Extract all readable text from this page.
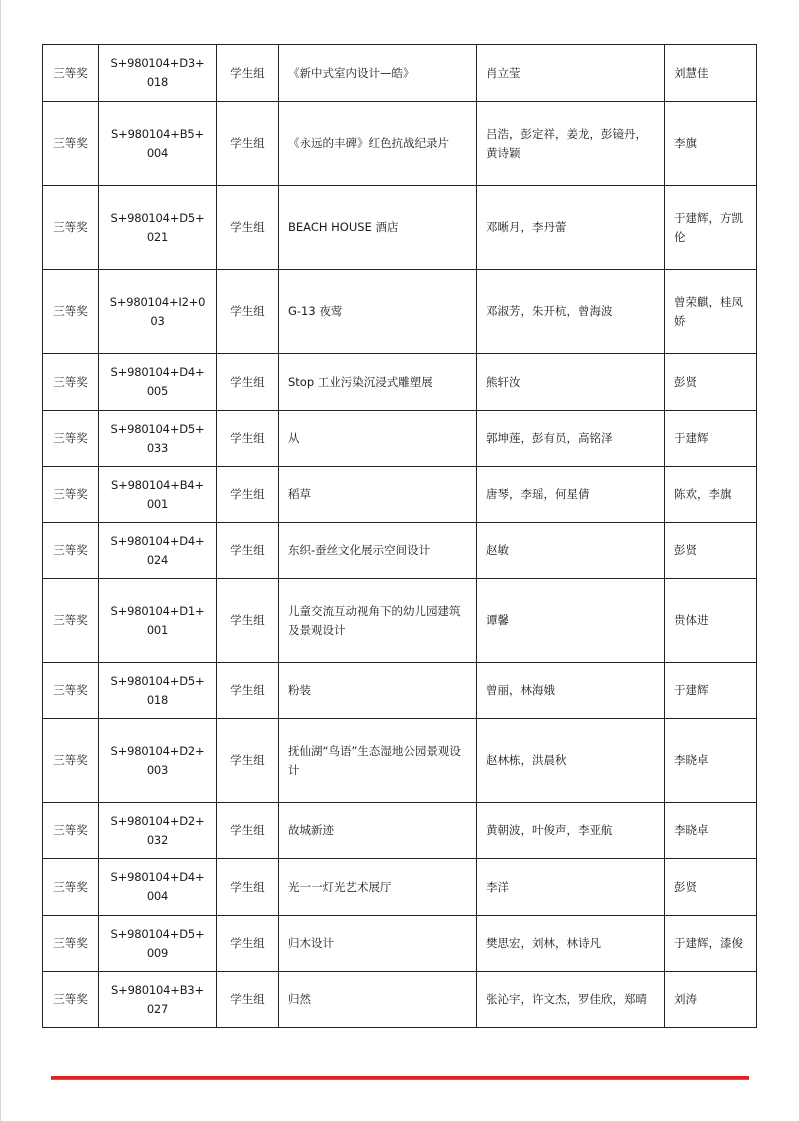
三等奖	S+980104+D3+018	学生组	《新中式室内设计—皓》	肖立莹	刘慧佳
三等奖	S+980104+B5+004	学生组	《永远的丰碑》红色抗战纪录片	吕浩，彭定祥，姜龙，彭镜丹，黄诗颖	李旗
三等奖	S+980104+D5+021	学生组	BEACH HOUSE 酒店	邓晰月，李丹蕾	于建辉，方凯伦
三等奖	S+980104+I2+003	学生组	G-13 夜莺	邓淑芳，朱开杭，曾海波	曾荣麒，桂凤娇
三等奖	S+980104+D4+005	学生组	Stop 工业污染沉浸式雕塑展	熊轩汝	彭贤
三等奖	S+980104+D5+033	学生组	从	郭坤莲，彭有员，高铭泽	于建辉
三等奖	S+980104+B4+001	学生组	稻草	唐琴，李瑶，何星倩	陈欢，李旗
三等奖	S+980104+D4+024	学生组	东织-蚕丝文化展示空间设计	赵敏	彭贤
三等奖	S+980104+D1+001	学生组	儿童交流互动视角下的幼儿园建筑及景观设计	谭馨	贵体进
三等奖	S+980104+D5+018	学生组	粉装	曾丽，林海娥	于建辉
三等奖	S+980104+D2+003	学生组	抚仙湖“鸟语”生态湿地公园景观设计	赵林栋，洪晨秋	李晓卓
三等奖	S+980104+D2+032	学生组	故城新迹	黄朝波，叶俊声，李亚航	李晓卓
三等奖	S+980104+D4+004	学生组	光一一灯光艺术展厅	李洋	彭贤
三等奖	S+980104+D5+009	学生组	归木设计	樊思宏，刘林，林诗凡	于建辉，漆俊
三等奖	S+980104+B3+027	学生组	归然	张沁宇，许文杰，罗佳欣，郑晴	刘涛
